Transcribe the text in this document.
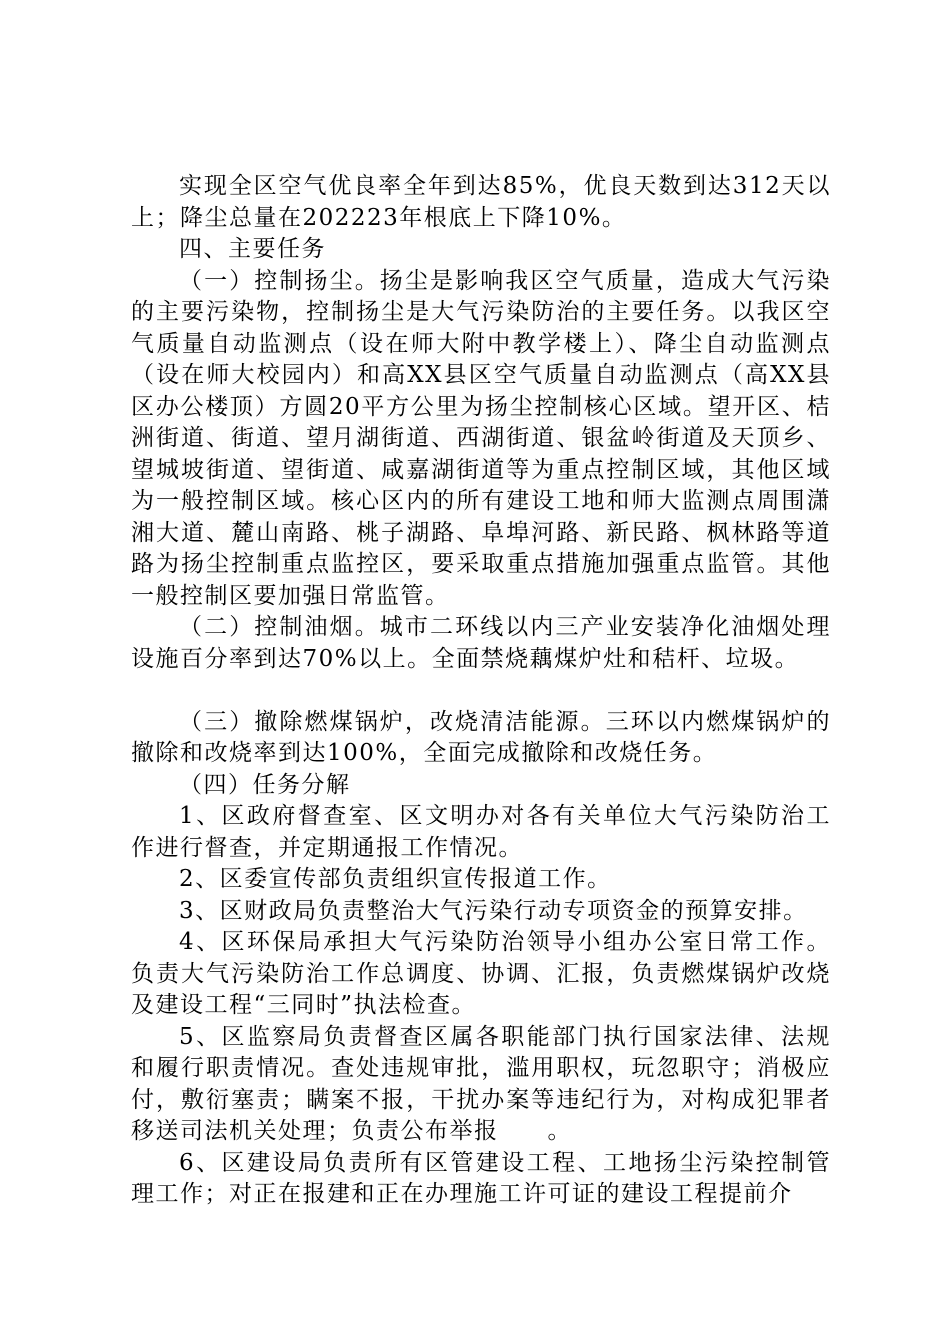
实现全区空气优良率全年到达85%，优良天数到达312天以上；降尘总量在202223年根底上下降10%。

四、主要任务

（一）控制扬尘。扬尘是影响我区空气质量，造成大气污染的主要污染物，控制扬尘是大气污染防治的主要任务。以我区空气质量自动监测点（设在师大附中教学楼上）、降尘自动监测点（设在师大校园内）和高XX县区空气质量自动监测点（高XX县区办公楼顶）方圆20平方公里为扬尘控制核心区域。望开区、桔洲街道、街道、望月湖街道、西湖街道、银盆岭街道及天顶乡、望城坡街道、望街道、咸嘉湖街道等为重点控制区域，其他区域为一般控制区域。核心区内的所有建设工地和师大监测点周围潇湘大道、麓山南路、桃子湖路、阜埠河路、新民路、枫林路等道路为扬尘控制重点监控区，要采取重点措施加强重点监管。其他一般控制区要加强日常监管。

（二）控制油烟。城市二环线以内三产业安装净化油烟处理设施百分率到达70%以上。全面禁烧藕煤炉灶和秸杆、垃圾。

（三）撤除燃煤锅炉，改烧清洁能源。三环以内燃煤锅炉的撤除和改烧率到达100%，全面完成撤除和改烧任务。

（四）任务分解

1、区政府督查室、区文明办对各有关单位大气污染防治工作进行督查，并定期通报工作情况。

2、区委宣传部负责组织宣传报道工作。

3、区财政局负责整治大气污染行动专项资金的预算安排。

4、区环保局承担大气污染防治领导小组办公室日常工作。负责大气污染防治工作总调度、协调、汇报，负责燃煤锅炉改烧及建设工程“三同时”执法检查。

5、区监察局负责督查区属各职能部门执行国家法律、法规和履行职责情况。查处违规审批，滥用职权，玩忽职守；消极应付，敷衍塞责；瞒案不报，干扰办案等违纪行为，对构成犯罪者移送司法机关处理；负责公布举报　　。

6、区建设局负责所有区管建设工程、工地扬尘污染控制管理工作；对正在报建和正在办理施工许可证的建设工程提前介
